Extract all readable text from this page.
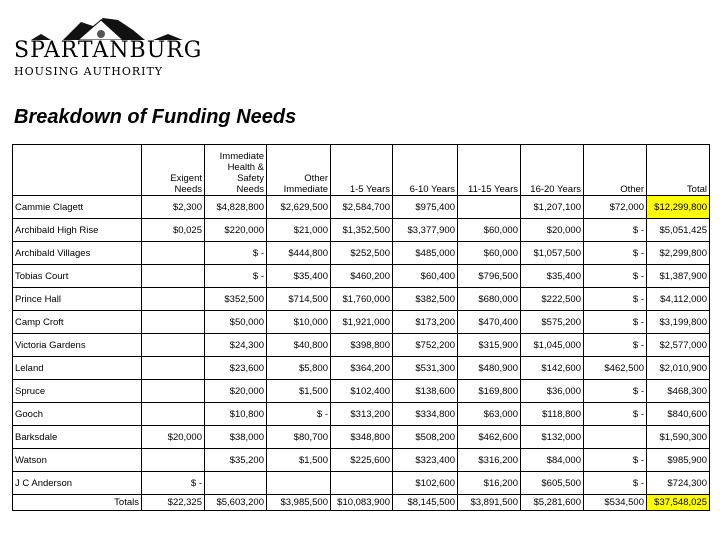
SPARTANBURG
HOUSING AUTHORITY
Breakdown of Funding Needs
	Exigent Needs	Immediate Health & Safety Needs	Other Immediate	1-5 Years	6-10 Years	11-15 Years	16-20 Years	Other	Total
Cammie Clagett	$2,300	$4,828,800	$2,629,500	$2,584,700	$975,400		$1,207,100	$72,000	$12,299,800
Archibald High Rise	$0,025	$220,000	$21,000	$1,352,500	$3,377,900	$60,000	$20,000	$ -	$5,051,425
Archibald Villages		$ -	$444,800	$252,500	$485,000	$60,000	$1,057,500	$ -	$2,299,800
Tobias Court		$ -	$35,400	$460,200	$60,400	$796,500	$35,400	$ -	$1,387,900
Prince Hall		$352,500	$714,500	$1,760,000	$382,500	$680,000	$222,500	$ -	$4,112,000
Camp Croft		$50,000	$10,000	$1,921,000	$173,200	$470,400	$575,200	$ -	$3,199,800
Victoria Gardens		$24,300	$40,800	$398,800	$752,200	$315,900	$1,045,000	$ -	$2,577,000
Leland		$23,600	$5,800	$364,200	$531,300	$480,900	$142,600	$462,500	$2,010,900
Spruce		$20,000	$1,500	$102,400	$138,600	$169,800	$36,000	$ -	$468,300
Gooch		$10,800	$ -	$313,200	$334,800	$63,000	$118,800	$ -	$840,600
Barksdale	$20,000	$38,000	$80,700	$348,800	$508,200	$462,600	$132,000		$1,590,300
Watson		$35,200	$1,500	$225,600	$323,400	$316,200	$84,000	$ -	$985,900
J C Anderson	$ -				$102,600	$16,200	$605,500	$ -	$724,300
Totals	$22,325	$5,603,200	$3,985,500	$10,083,900	$8,145,500	$3,891,500	$5,281,600	$534,500	$37,548,025
